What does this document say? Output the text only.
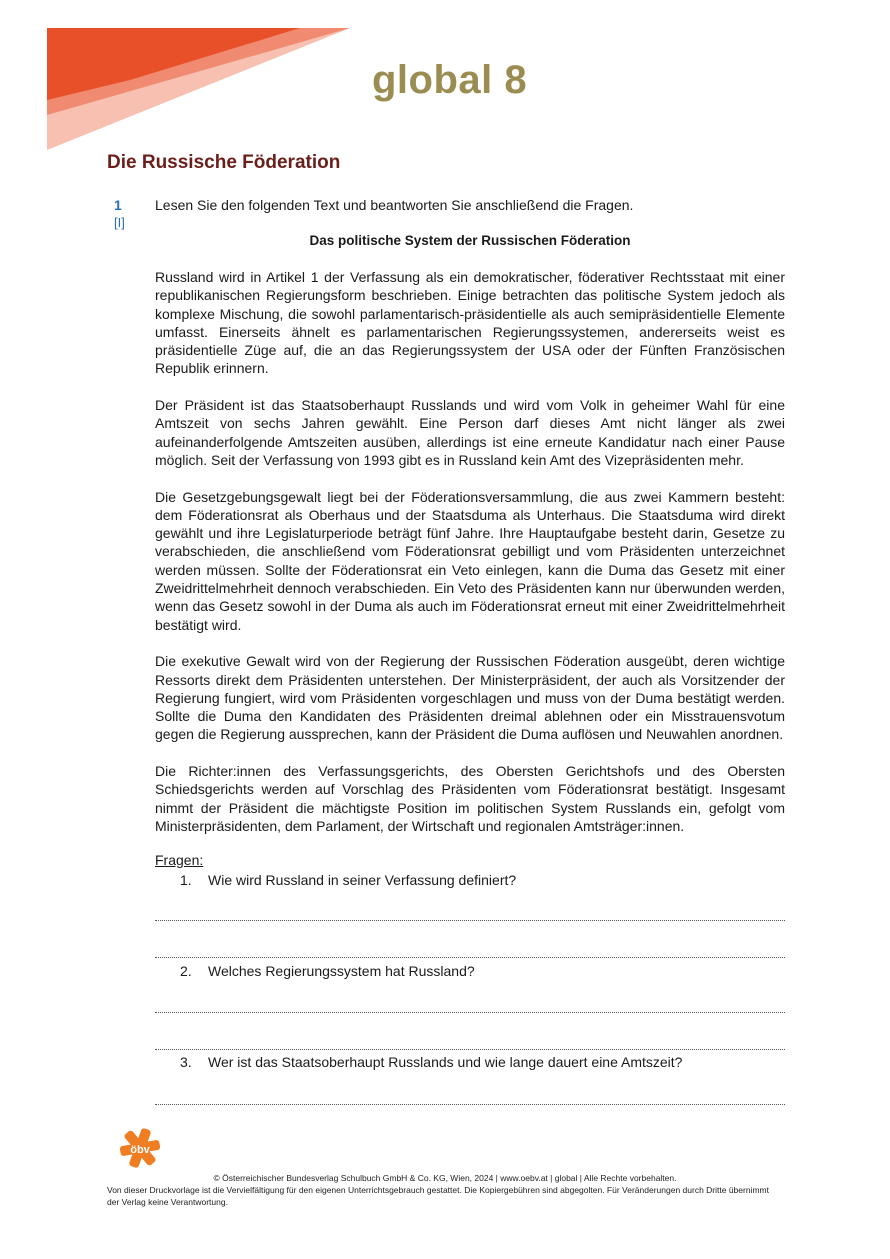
global 8
Die Russische Föderation
1
[I]
Lesen Sie den folgenden Text und beantworten Sie anschließend die Fragen.
Das politische System der Russischen Föderation

Russland wird in Artikel 1 der Verfassung als ein demokratischer, föderativer Rechtsstaat mit einer republikanischen Regierungsform beschrieben. Einige betrachten das politische System jedoch als komplexe Mischung, die sowohl parlamentarisch-präsidentielle als auch semipräsidentielle Elemente umfasst. Einerseits ähnelt es parlamentarischen Regierungssystemen, andererseits weist es präsidentielle Züge auf, die an das Regierungssystem der USA oder der Fünften Französischen Republik erinnern.

Der Präsident ist das Staatsoberhaupt Russlands und wird vom Volk in geheimer Wahl für eine Amtszeit von sechs Jahren gewählt. Eine Person darf dieses Amt nicht länger als zwei aufeinanderfolgende Amtszeiten ausüben, allerdings ist eine erneute Kandidatur nach einer Pause möglich. Seit der Verfassung von 1993 gibt es in Russland kein Amt des Vizepräsidenten mehr.

Die Gesetzgebungsgewalt liegt bei der Föderationsversammlung, die aus zwei Kammern besteht: dem Föderationsrat als Oberhaus und der Staatsduma als Unterhaus. Die Staatsduma wird direkt gewählt und ihre Legislaturperiode beträgt fünf Jahre. Ihre Hauptaufgabe besteht darin, Gesetze zu verabschieden, die anschließend vom Föderationsrat gebilligt und vom Präsidenten unterzeichnet werden müssen. Sollte der Föderationsrat ein Veto einlegen, kann die Duma das Gesetz mit einer Zweidrittelmehrheit dennoch verabschieden. Ein Veto des Präsidenten kann nur überwunden werden, wenn das Gesetz sowohl in der Duma als auch im Föderationsrat erneut mit einer Zweidrittelmehrheit bestätigt wird.

Die exekutive Gewalt wird von der Regierung der Russischen Föderation ausgeübt, deren wichtige Ressorts direkt dem Präsidenten unterstehen. Der Ministerpräsident, der auch als Vorsitzender der Regierung fungiert, wird vom Präsidenten vorgeschlagen und muss von der Duma bestätigt werden. Sollte die Duma den Kandidaten des Präsidenten dreimal ablehnen oder ein Misstrauensvotum gegen die Regierung aussprechen, kann der Präsident die Duma auflösen und Neuwahlen anordnen.

Die Richter:innen des Verfassungsgerichts, des Obersten Gerichtshofs und des Obersten Schiedsgerichts werden auf Vorschlag des Präsidenten vom Föderationsrat bestätigt. Insgesamt nimmt der Präsident die mächtigste Position im politischen System Russlands ein, gefolgt vom Ministerpräsidenten, dem Parlament, der Wirtschaft und regionalen Amtsträger:innen.

Fragen:
1. Wie wird Russland in seiner Verfassung definiert?
2. Welches Regierungssystem hat Russland?
3. Wer ist das Staatsoberhaupt Russlands und wie lange dauert eine Amtszeit?
öbv
© Österreichischer Bundesverlag Schulbuch GmbH & Co. KG, Wien, 2024 | www.oebv.at | global | Alle Rechte vorbehalten.
Von dieser Druckvorlage ist die Vervielfältigung für den eigenen Unterrichtsgebrauch gestattet. Die Kopiergebühren sind abgegolten. Für Veränderungen durch Dritte übernimmt der Verlag keine Verantwortung.
